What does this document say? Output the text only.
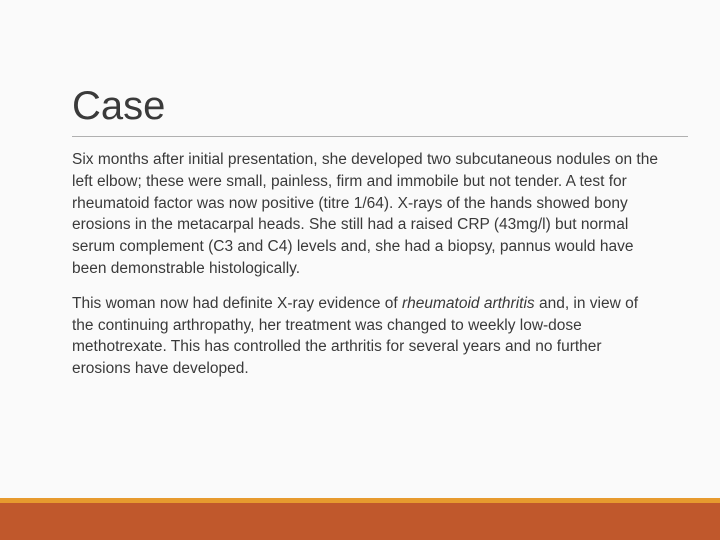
Case

Six months after initial presentation, she developed two subcutaneous nodules on the left elbow; these were small, painless, firm and immobile but not tender. A test for rheumatoid factor was now positive (titre 1/64). X-rays of the hands showed bony erosions in the metacarpal heads. She still had a raised CRP (43mg/l) but normal serum complement (C3 and C4) levels and, she had a biopsy, pannus would have been demonstrable histologically.

This woman now had definite X-ray evidence of rheumatoid arthritis and, in view of the continuing arthropathy, her treatment was changed to weekly low-dose methotrexate. This has controlled the arthritis for several years and no further erosions have developed.
